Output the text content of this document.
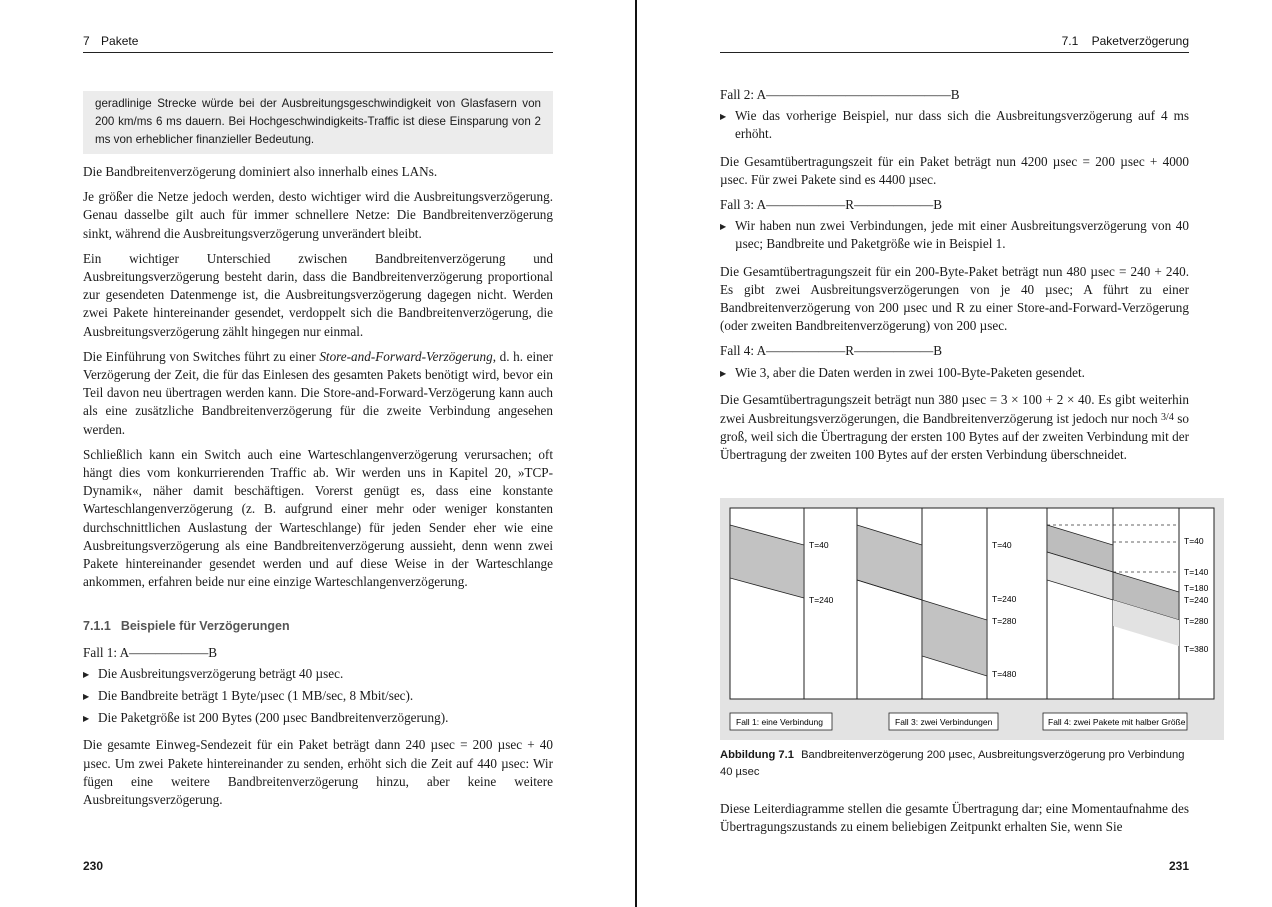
7 Pakete
geradlinige Strecke würde bei der Ausbreitungsgeschwindigkeit von Glasfasern von 200 km/ms 6 ms dauern. Bei Hochgeschwindigkeits-Traffic ist diese Einsparung von 2 ms von erheblicher finanzieller Bedeutung.

Die Bandbreitenverzögerung dominiert also innerhalb eines LANs.

Je größer die Netze jedoch werden, desto wichtiger wird die Ausbreitungsverzögerung. Genau dasselbe gilt auch für immer schnellere Netze: Die Bandbreitenverzögerung sinkt, während die Ausbreitungsverzögerung unverändert bleibt.

Ein wichtiger Unterschied zwischen Bandbreitenverzögerung und Ausbreitungsverzögerung besteht darin, dass die Bandbreitenverzögerung proportional zur gesendeten Datenmenge ist, die Ausbreitungsverzögerung dagegen nicht. Werden zwei Pakete hintereinander gesendet, verdoppelt sich die Bandbreitenverzögerung, die Ausbreitungsverzögerung zählt hingegen nur einmal.

Die Einführung von Switches führt zu einer Store-and-Forward-Verzögerung, d. h. einer Verzögerung der Zeit, die für das Einlesen des gesamten Pakets benötigt wird, bevor ein Teil davon neu übertragen werden kann. Die Store-and-Forward-Verzögerung kann auch als eine zusätzliche Bandbreitenverzögerung für die zweite Verbindung angesehen werden.

Schließlich kann ein Switch auch eine Warteschlangenverzögerung verursachen; oft hängt dies vom konkurrierenden Traffic ab. Wir werden uns in Kapitel 20, »TCP-Dynamik«, näher damit beschäftigen. Vorerst genügt es, dass eine konstante Warteschlangenverzögerung (z. B. aufgrund einer mehr oder weniger konstanten durchschnittlichen Auslastung der Warteschlange) für jeden Sender eher wie eine Ausbreitungsverzögerung als eine Bandbreitenverzögerung aussieht, denn wenn zwei Pakete hintereinander gesendet werden und auf diese Weise in der Warteschlange ankommen, erfahren beide nur eine einzige Warteschlangenverzögerung.

7.1.1 Beispiele für Verzögerungen

Fall 1: A——————B

▶ Die Ausbreitungsverzögerung beträgt 40 µsec.
▶ Die Bandbreite beträgt 1 Byte/µsec (1 MB/sec, 8 Mbit/sec).
▶ Die Paketgröße ist 200 Bytes (200 µsec Bandbreitenverzögerung).

Die gesamte Einweg-Sendezeit für ein Paket beträgt dann 240 µsec = 200 µsec + 40 µsec. Um zwei Pakete hintereinander zu senden, erhöht sich die Zeit auf 440 µsec: Wir fügen eine weitere Bandbreitenverzögerung hinzu, aber keine weitere Ausbreitungsverzögerung.

230
7.1 Paketverzögerung

Fall 2: A——————————————B

▶ Wie das vorherige Beispiel, nur dass sich die Ausbreitungsverzögerung auf 4 ms erhöht.

Die Gesamtübertragungszeit für ein Paket beträgt nun 4200 µsec = 200 µsec + 4000 µsec. Für zwei Pakete sind es 4400 µsec.

Fall 3: A——————R——————B

▶ Wir haben nun zwei Verbindungen, jede mit einer Ausbreitungsverzögerung von 40 µsec; Bandbreite und Paketgröße wie in Beispiel 1.

Die Gesamtübertragungszeit für ein 200-Byte-Paket beträgt nun 480 µsec = 240 + 240. Es gibt zwei Ausbreitungsverzögerungen von je 40 µsec; A führt zu einer Bandbreitenverzögerung von 200 µsec und R zu einer Store-and-Forward-Verzögerung (oder zweiten Bandbreitenverzögerung) von 200 µsec.

Fall 4: A——————R——————B

▶ Wie 3, aber die Daten werden in zwei 100-Byte-Paketen gesendet.

Die Gesamtübertragungszeit beträgt nun 380 µsec = 3 × 100 + 2 × 40. Es gibt weiterhin zwei Ausbreitungsverzögerungen, die Bandbreitenverzögerung ist jedoch nur noch $^{3/4}$ so groß, weil sich die Übertragung der ersten 100 Bytes auf der zweiten Verbindung mit der Übertragung der zweiten 100 Bytes auf der ersten Verbindung überschneidet.

Diese Leiterdiagramme stellen die gesamte Übertragung dar; eine Momentaufnahme des Übertragungszustands zu einem beliebigen Zeitpunkt erhalten Sie, wenn Sie

231
T=40
T=240
T=40
T=240
T=280
T=480
T=40
T=140
T=180
T=240
T=280
T=380
Fall 1: eine Verbindung	Fall 3: zwei Verbindungen	Fall 4: zwei Pakete mit halber Größe
Abbildung 7.1 Bandbreitenverzögerung 200 µsec, Ausbreitungsverzögerung pro Verbindung 40 µsec
